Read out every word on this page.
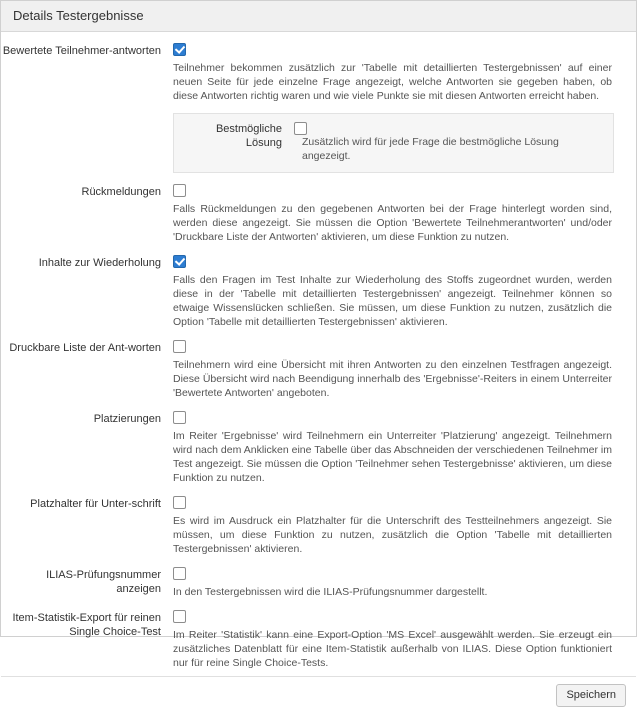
Details Testergebnisse
Bewertete Teilnehmer-antworten
Teilnehmer bekommen zusätzlich zur 'Tabelle mit detaillierten Testergebnissen' auf einer neuen Seite für jede einzelne Frage angezeigt, welche Antworten sie gegeben haben, ob diese Antworten richtig waren und wie viele Punkte sie mit diesen Antworten erreicht haben.
Bestmögliche Lösung	Zusätzlich wird für jede Frage die bestmögliche Lösung angezeigt.
Rückmeldungen
Falls Rückmeldungen zu den gegebenen Antworten bei der Frage hinterlegt worden sind, werden diese angezeigt. Sie müssen die Option 'Bewertete Teilnehmerantworten' und/oder 'Druckbare Liste der Antworten' aktivieren, um diese Funktion zu nutzen.
Inhalte zur Wiederholung
Falls den Fragen im Test Inhalte zur Wiederholung des Stoffs zugeordnet wurden, werden diese in der 'Tabelle mit detaillierten Testergebnissen' angezeigt. Teilnehmer können so etwaige Wissenslücken schließen. Sie müssen, um diese Funktion zu nutzen, zusätzlich die Option 'Tabelle mit detaillierten Testergebnissen' aktivieren.
Druckbare Liste der Ant-worten
Teilnehmern wird eine Übersicht mit ihren Antworten zu den einzelnen Testfragen angezeigt. Diese Übersicht wird nach Beendigung innerhalb des 'Ergebnisse'-Reiters in einem Unterreiter 'Bewertete Antworten' angeboten.
Platzierungen
Im Reiter 'Ergebnisse' wird Teilnehmern ein Unterreiter 'Platzierung' angezeigt. Teilnehmern wird nach dem Anklicken eine Tabelle über das Abschneiden der verschiedenen Teilnehmer im Test angezeigt. Sie müssen die Option 'Teilnehmer sehen Testergebnisse' aktivieren, um diese Funktion zu nutzen.
Platzhalter für Unter-schrift
Es wird im Ausdruck ein Platzhalter für die Unterschrift des Testteilnehmers angezeigt. Sie müssen, um diese Funktion zu nutzen, zusätzlich die Option 'Tabelle mit detaillierten Testergebnissen' aktivieren.
ILIAS-Prüfungsnummer anzeigen	In den Testergebnissen wird die ILIAS-Prüfungsnummer dargestellt.
Item-Statistik-Export für reinen Single Choice-Test	Im Reiter 'Statistik' kann eine Export-Option 'MS Excel' ausgewählt werden. Sie erzeugt ein zusätzliches Datenblatt für eine Item-Statistik außerhalb von ILIAS. Diese Option funktioniert nur für reine Single Choice-Tests.
Speichern
